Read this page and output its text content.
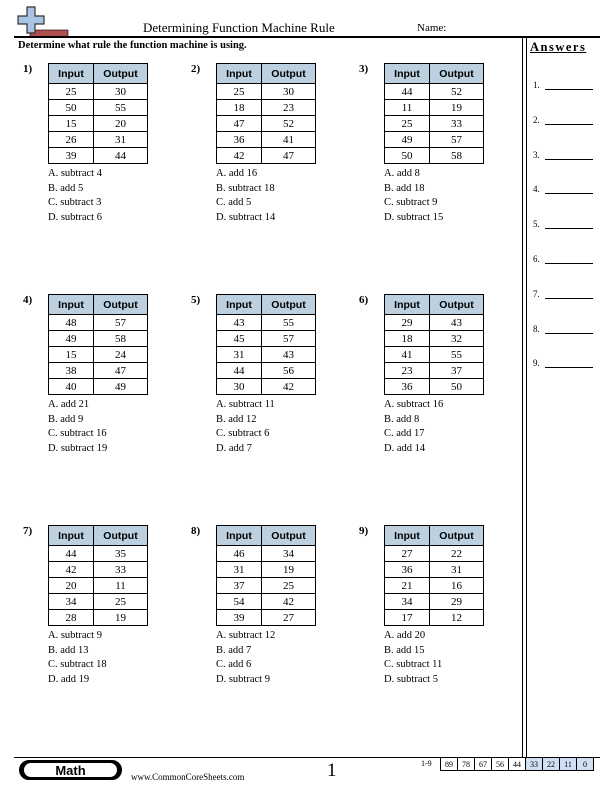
Determining Function Machine Rule	Name:
Determine what rule the function machine is using.	Answers
1.
2.
3.
4.
5.
6.
7.
8.
9.
1) Input	Output
25	30
50	55
15	20
26	31
39	44
A. subtract 4
B. add 5
C. subtract 3
D. subtract 6
2) Input	Output
25	30
18	23
47	52
36	41
42	47
A. add 16
B. subtract 18
C. add 5
D. subtract 14
3) Input	Output
44	52
11	19
25	33
49	57
50	58
A. add 8
B. add 18
C. subtract 9
D. subtract 15
4) Input	Output
48	57
49	58
15	24
38	47
40	49
A. add 21
B. add 9
C. subtract 16
D. subtract 19
5) Input	Output
43	55
45	57
31	43
44	56
30	42
A. subtract 11
B. add 12
C. subtract 6
D. add 7
6) Input	Output
29	43
18	32
41	55
23	37
36	50
A. subtract 16
B. add 8
C. add 17
D. add 14
7) Input	Output
44	35
42	33
20	11
34	25
28	19
A. subtract 9
B. add 13
C. subtract 18
D. add 19
8) Input	Output
46	34
31	19
37	25
54	42
39	27
A. subtract 12
B. add 7
C. add 6
D. subtract 9
9) Input	Output
27	22
36	31
21	16
34	29
17	12
A. add 20
B. add 15
C. subtract 11
D. subtract 5
Math	www.CommonCoreSheets.com	1	1-9 89	78	67	56	44	33	22	11	0
